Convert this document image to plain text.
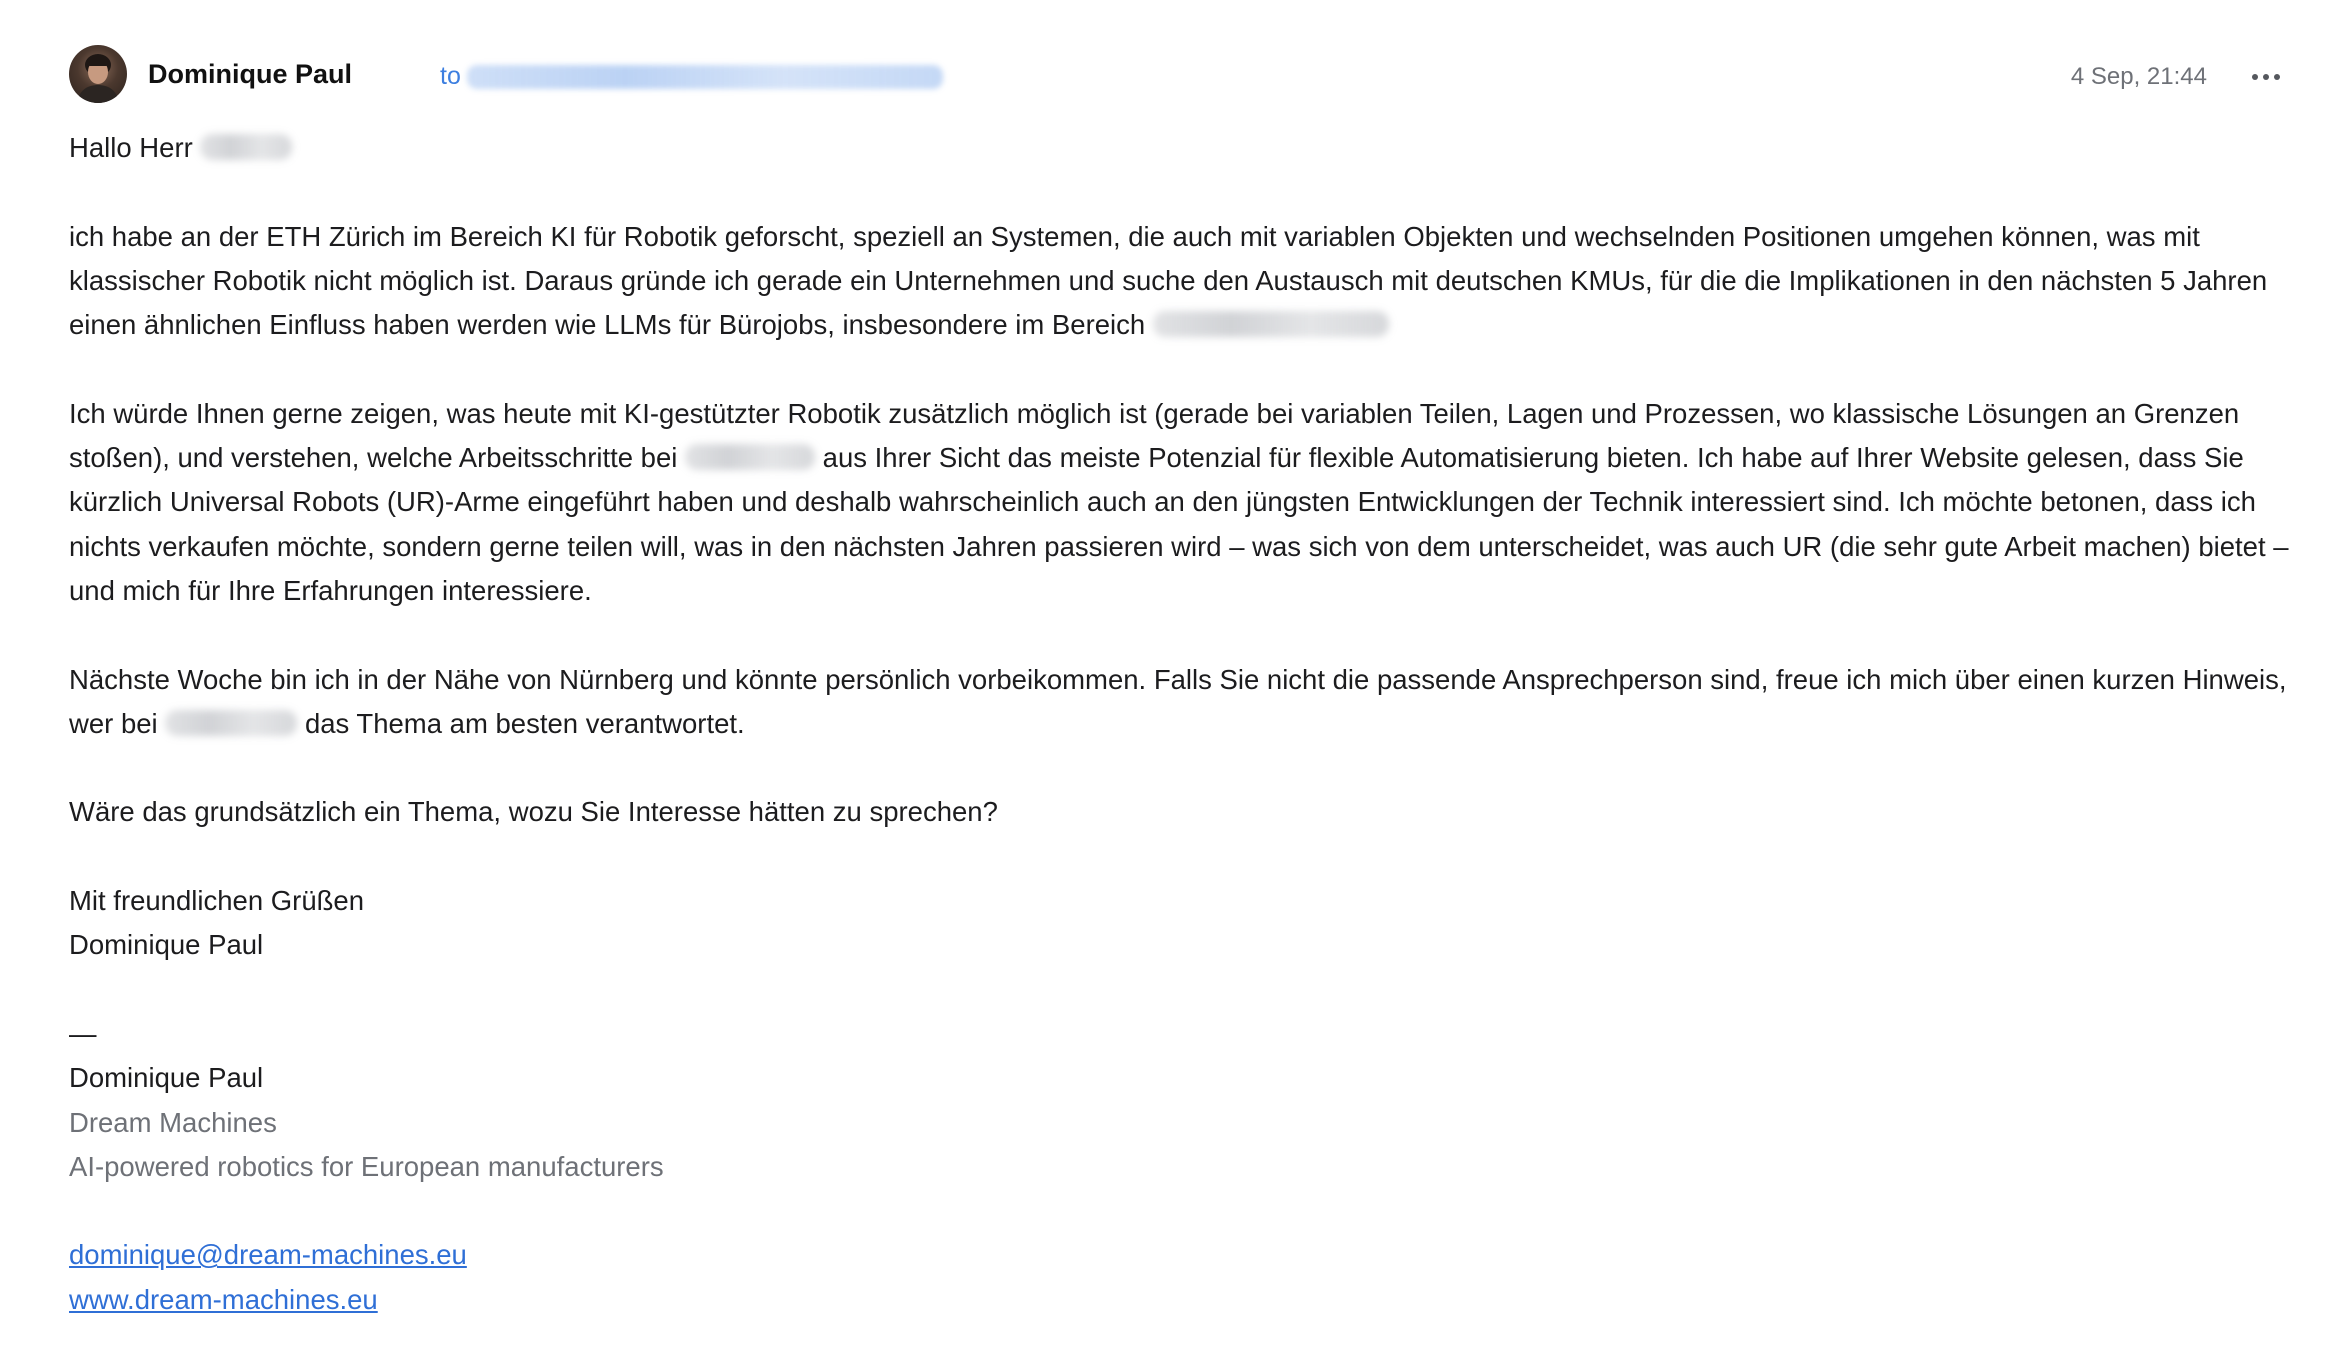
Dominique Paul	to	4 Sep, 21:44

Hallo Herr

ich habe an der ETH Zürich im Bereich KI für Robotik geforscht, speziell an Systemen, die auch mit variablen Objekten und wechselnden Positionen umgehen können, was mit klassischer Robotik nicht möglich ist. Daraus gründe ich gerade ein Unternehmen und suche den Austausch mit deutschen KMUs, für die die Implikationen in den nächsten 5 Jahren einen ähnlichen Einfluss haben werden wie LLMs für Bürojobs, insbesondere im Bereich

Ich würde Ihnen gerne zeigen, was heute mit KI-gestützter Robotik zusätzlich möglich ist (gerade bei variablen Teilen, Lagen und Prozessen, wo klassische Lösungen an Grenzen stoßen), und verstehen, welche Arbeitsschritte bei	aus Ihrer Sicht das meiste Potenzial für flexible Automatisierung bieten. Ich habe auf Ihrer Website gelesen, dass Sie kürzlich Universal Robots (UR)-Arme eingeführt haben und deshalb wahrscheinlich auch an den jüngsten Entwicklungen der Technik interessiert sind. Ich möchte betonen, dass ich nichts verkaufen möchte, sondern gerne teilen will, was in den nächsten Jahren passieren wird – was sich von dem unterscheidet, was auch UR (die sehr gute Arbeit machen) bietet – und mich für Ihre Erfahrungen interessiere.

Nächste Woche bin ich in der Nähe von Nürnberg und könnte persönlich vorbeikommen. Falls Sie nicht die passende Ansprechperson sind, freue ich mich über einen kurzen Hinweis, wer bei	das Thema am besten verantwortet.

Wäre das grundsätzlich ein Thema, wozu Sie Interesse hätten zu sprechen?

Mit freundlichen Grüßen

Dominique Paul

—

Dominique Paul

Dream Machines

AI-powered robotics for European manufacturers

dominique@dream-machines.eu

www.dream-machines.eu
